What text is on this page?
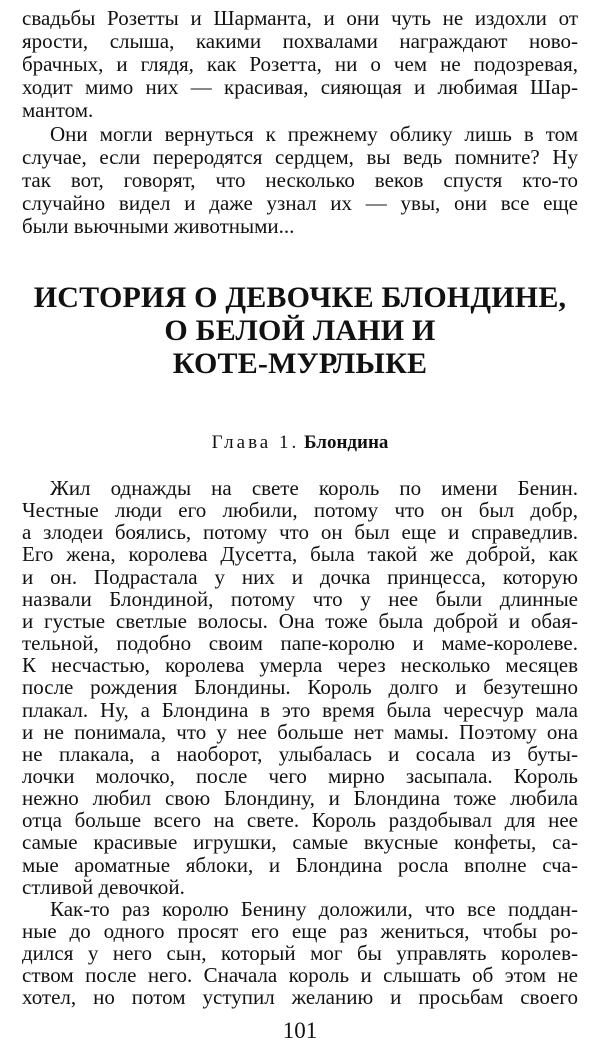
свадьбы Розетты и Шарманта, и они чуть не издохли от
ярости, слыша, какими похвалами награждают ново-
брачных, и глядя, как Розетта, ни о чем не подозревая,
ходит мимо них — красивая, сияющая и любимая Шар-
мантом.
Они могли вернуться к прежнему облику лишь в том
случае, если переродятся сердцем, вы ведь помните? Ну
так вот, говорят, что несколько веков спустя кто-то
случайно видел и даже узнал их — увы, они все еще
были вьючными животными...
ИСТОРИЯ О ДЕВОЧКЕ БЛОНДИНЕ,
О БЕЛОЙ ЛАНИ И
КОТЕ-МУРЛЫКЕ
Глава 1. Блондина
Жил однажды на свете король по имени Бенин.
Честные люди его любили, потому что он был добр,
а злодеи боялись, потому что он был еще и справедлив.
Его жена, королева Дусетта, была такой же доброй, как
и он. Подрастала у них и дочка принцесса, которую
назвали Блондиной, потому что у нее были длинные
и густые светлые волосы. Она тоже была доброй и обая-
тельной, подобно своим папе-королю и маме-королеве.
К несчастью, королева умерла через несколько месяцев
после рождения Блондины. Король долго и безутешно
плакал. Ну, а Блондина в это время была чересчур мала
и не понимала, что у нее больше нет мамы. Поэтому она
не плакала, а наоборот, улыбалась и сосала из буты-
лочки молочко, после чего мирно засыпала. Король
нежно любил свою Блондину, и Блондина тоже любила
отца больше всего на свете. Король раздобывал для нее
самые красивые игрушки, самые вкусные конфеты, са-
мые ароматные яблоки, и Блондина росла вполне сча-
стливой девочкой.
Как-то раз королю Бенину доложили, что все поддан-
ные до одного просят его еще раз жениться, чтобы ро-
дился у него сын, который мог бы управлять королев-
ством после него. Сначала король и слышать об этом не
хотел, но потом уступил желанию и просьбам своего
101
